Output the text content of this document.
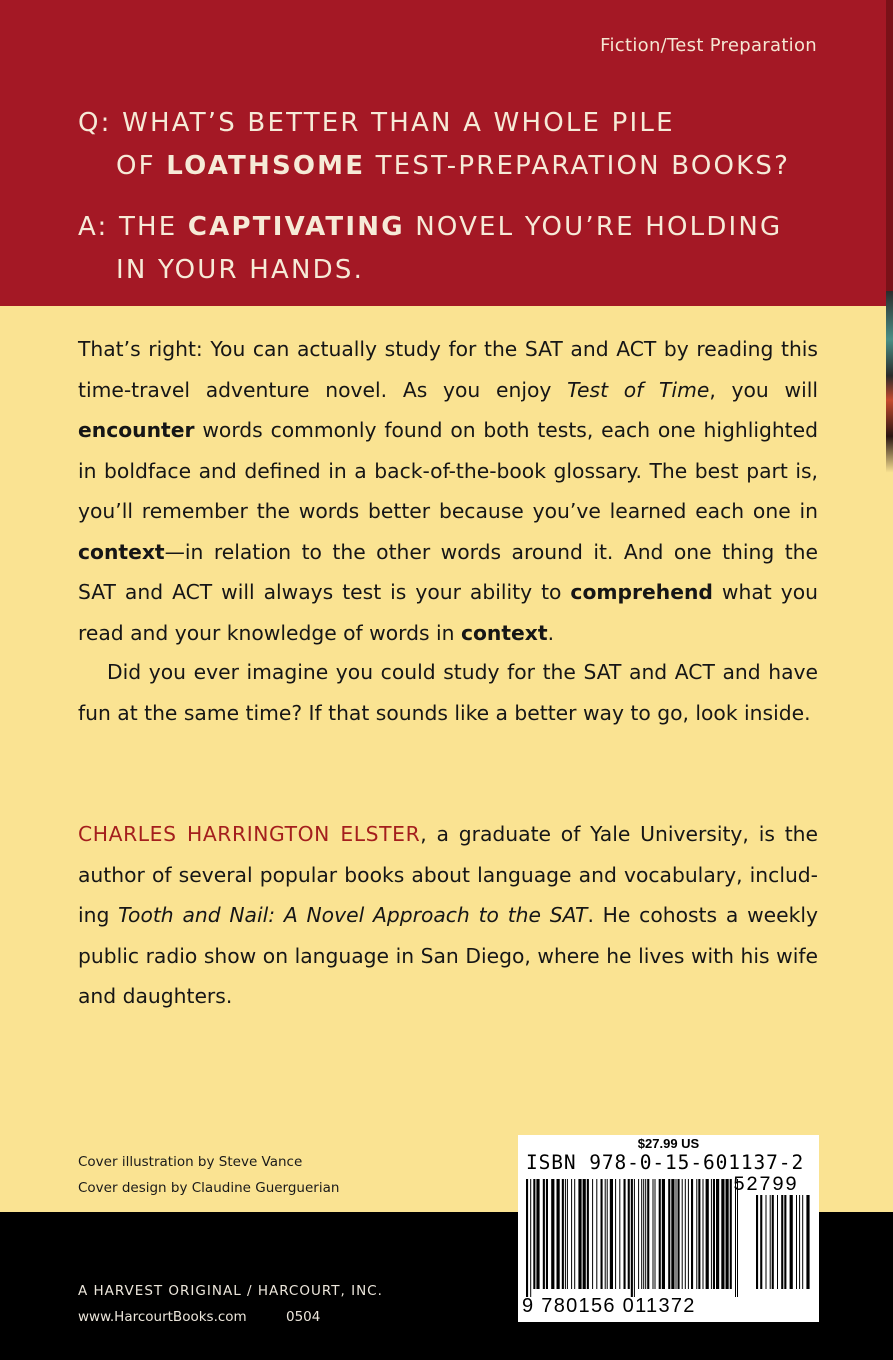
Fiction/Test Preparation
Q: WHAT’S BETTER THAN A WHOLE PILE
OF LOATHSOME TEST-PREPARATION BOOKS?
A: THE CAPTIVATING NOVEL YOU’RE HOLDING
IN YOUR HANDS.
That’s right: You can actually study for the SAT and ACT by reading this time-travel adventure novel. As you enjoy Test of Time, you will encounter words commonly found on both tests, each one highlighted in boldface and defined in a back-of-the-book glossary. The best part is, you’ll remember the words better because you’ve learned each one in context—in relation to the other words around it. And one thing the SAT and ACT will always test is your ability to comprehend what you read and your knowledge of words in context.
Did you ever imagine you could study for the SAT and ACT and have fun at the same time? If that sounds like a better way to go, look inside.
CHARLES HARRINGTON ELSTER, a graduate of Yale University, is the author of several popular books about language and vocabulary, includ-ing Tooth and Nail: A Novel Approach to the SAT. He cohosts a weekly public radio show on language in San Diego, where he lives with his wife and daughters.
Cover illustration by Steve Vance
Cover design by Claudine Guerguerian
A HARVEST ORIGINAL / HARCOURT, INC.
www.HarcourtBooks.com	0504
$27.99 US
ISBN 978-0-15-601137-2
52799
9 780156 011372
